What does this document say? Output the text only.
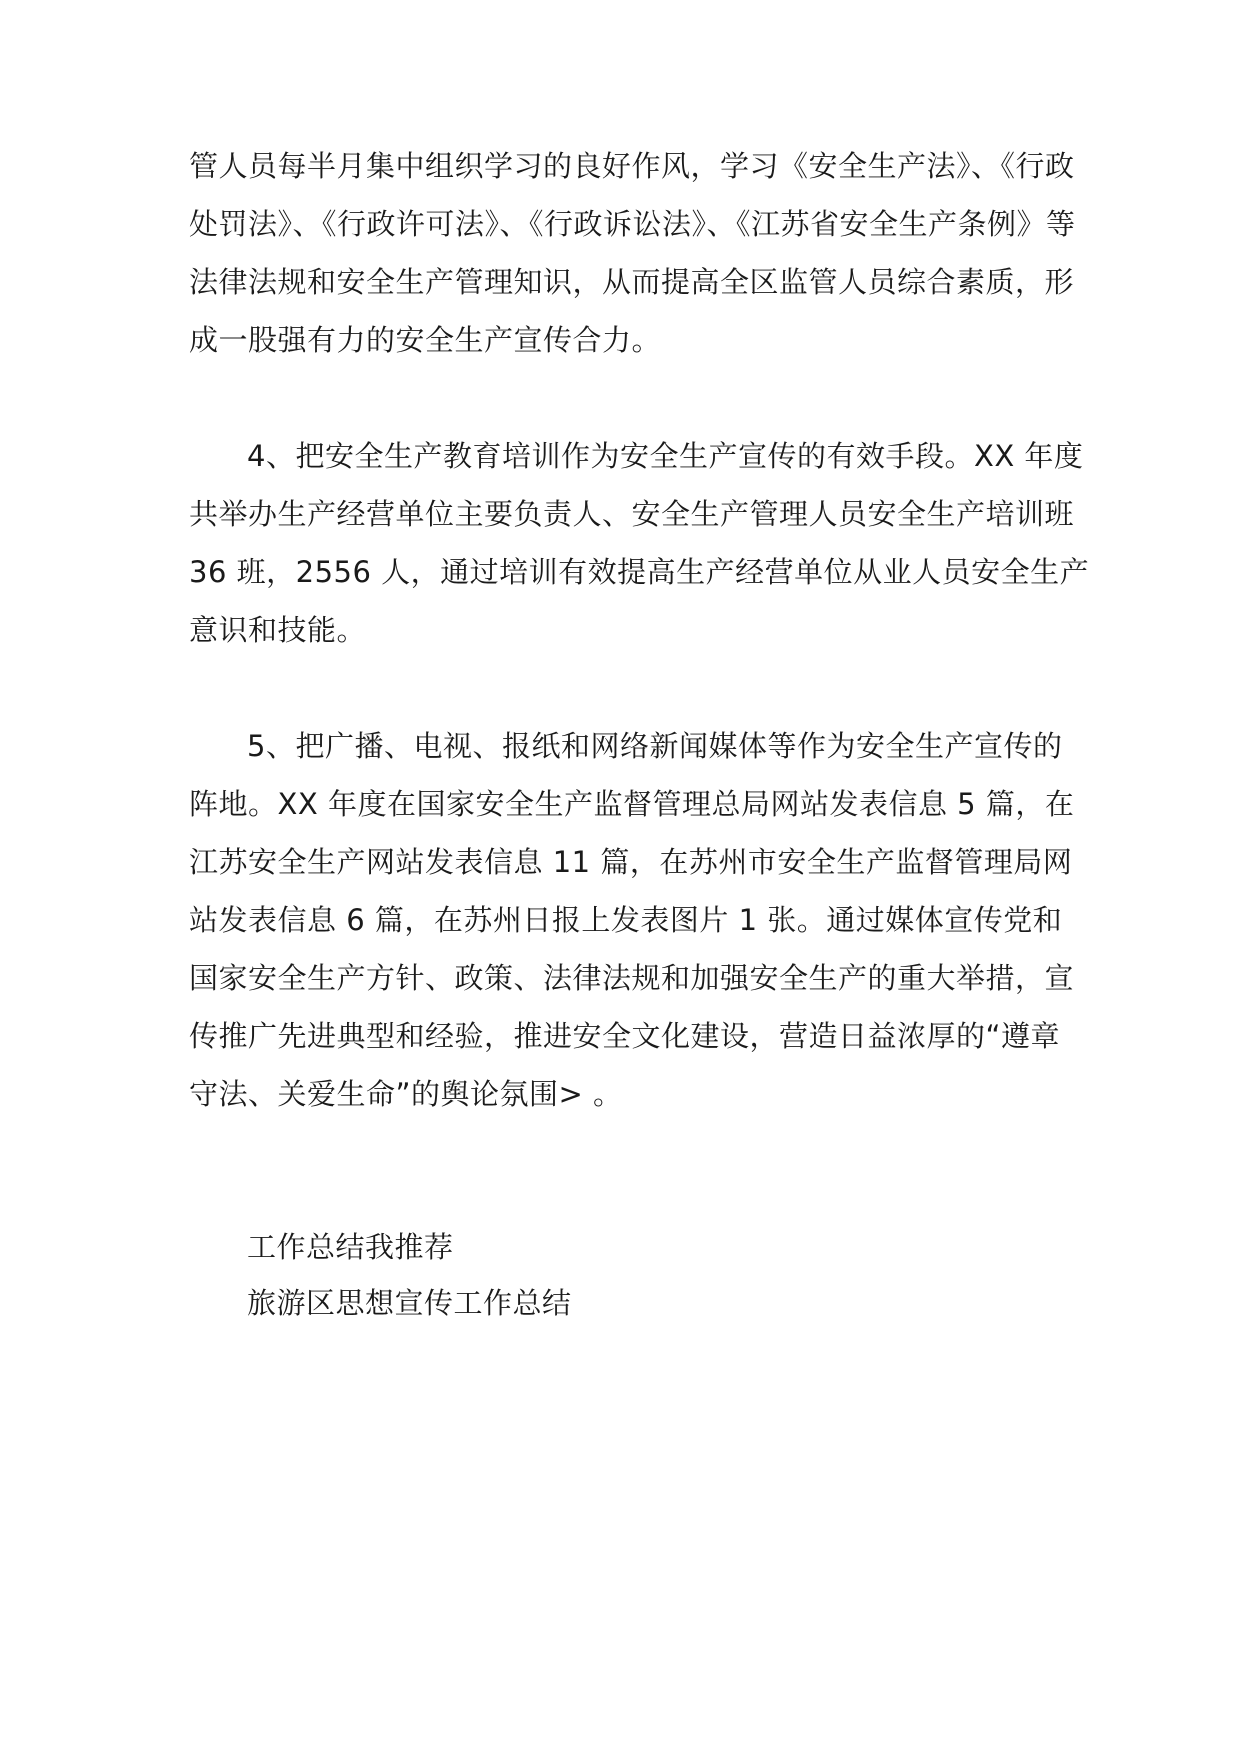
管人员每半月集中组织学习的良好作风，学习《安全生产法》、《行政
处罚法》、《行政许可法》、《行政诉讼法》、《江苏省安全生产条例》等
法律法规和安全生产管理知识，从而提高全区监管人员综合素质，形
成一股强有力的安全生产宣传合力。
4、把安全生产教育培训作为安全生产宣传的有效手段。XX 年度
共举办生产经营单位主要负责人、安全生产管理人员安全生产培训班
36 班，2556 人，通过培训有效提高生产经营单位从业人员安全生产
意识和技能。
5、把广播、电视、报纸和网络新闻媒体等作为安全生产宣传的
阵地。XX 年度在国家安全生产监督管理总局网站发表信息 5 篇，在
江苏安全生产网站发表信息 11 篇，在苏州市安全生产监督管理局网
站发表信息 6 篇，在苏州日报上发表图片 1 张。通过媒体宣传党和
国家安全生产方针、政策、法律法规和加强安全生产的重大举措，宣
传推广先进典型和经验，推进安全文化建设，营造日益浓厚的“遵章
守法、关爱生命”的舆论氛围> 。
工作总结我推荐
旅游区思想宣传工作总结
